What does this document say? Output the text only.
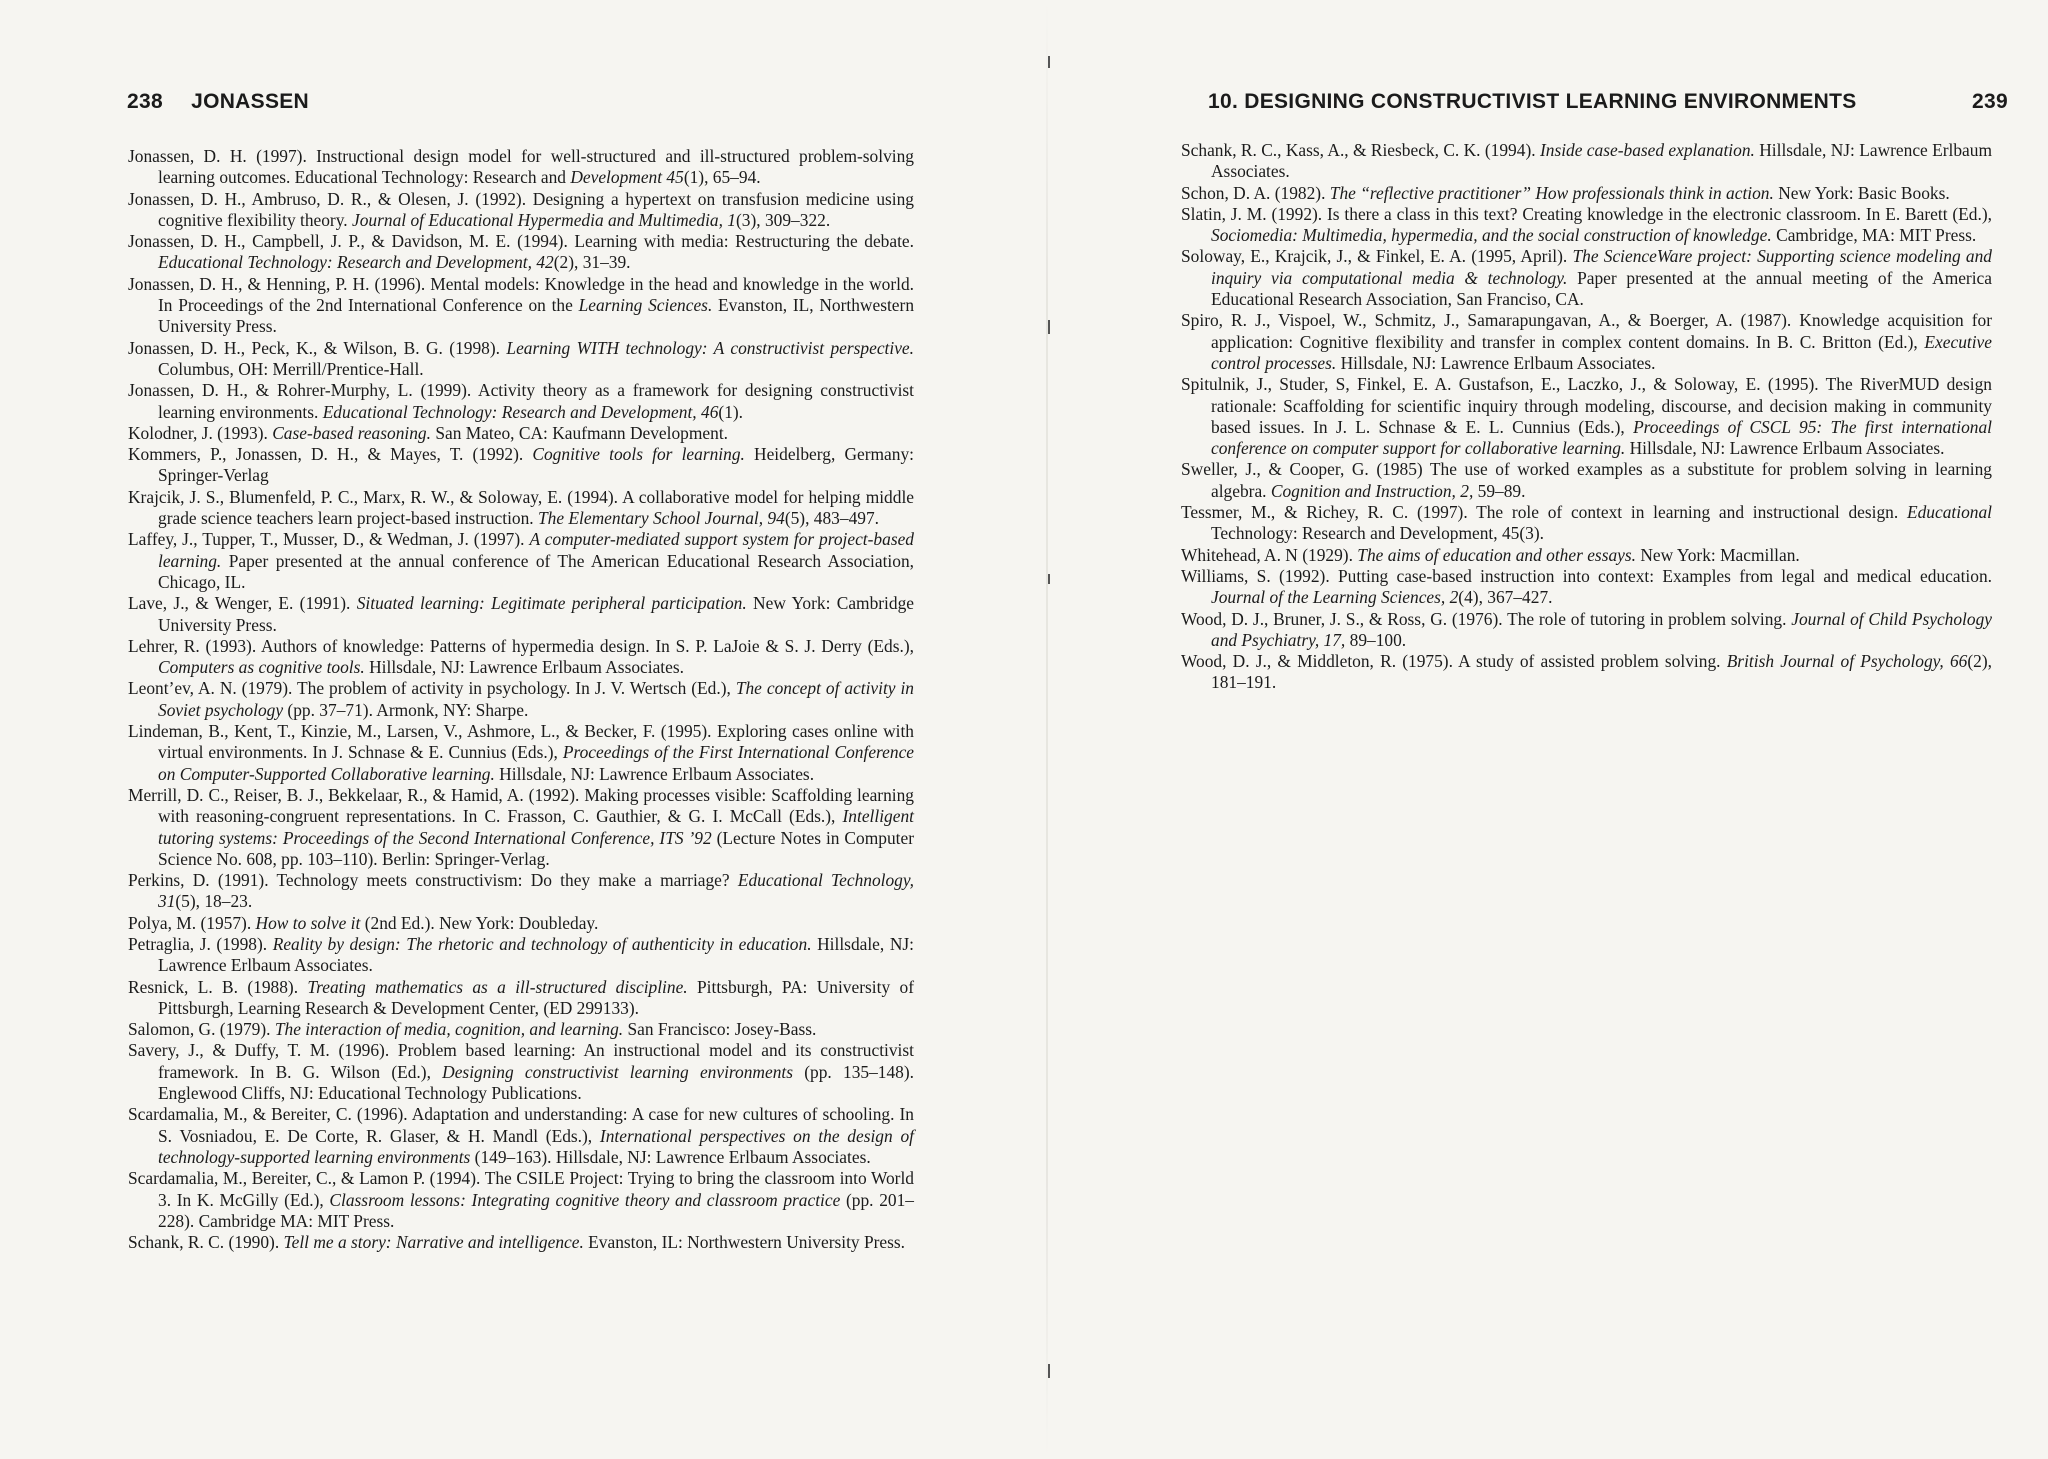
238 JONASSEN

Jonassen, D. H. (1997). Instructional design model for well-structured and ill-structured problem-solving learning outcomes. Educational Technology: Research and Development 45(1), 65–94.

Jonassen, D. H., Ambruso, D. R., & Olesen, J. (1992). Designing a hypertext on transfusion medicine using cognitive flexibility theory. Journal of Educational Hypermedia and Multimedia, 1(3), 309–322.

Jonassen, D. H., Campbell, J. P., & Davidson, M. E. (1994). Learning with media: Restructuring the debate. Educational Technology: Research and Development, 42(2), 31–39.

Jonassen, D. H., & Henning, P. H. (1996). Mental models: Knowledge in the head and knowledge in the world. In Proceedings of the 2nd International Conference on the Learning Sciences. Evanston, IL, Northwestern University Press.

Jonassen, D. H., Peck, K., & Wilson, B. G. (1998). Learning WITH technology: A constructivist perspective. Columbus, OH: Merrill/Prentice-Hall.

Jonassen, D. H., & Rohrer-Murphy, L. (1999). Activity theory as a framework for designing constructivist learning environments. Educational Technology: Research and Development, 46(1).

Kolodner, J. (1993). Case-based reasoning. San Mateo, CA: Kaufmann Development.

Kommers, P., Jonassen, D. H., & Mayes, T. (1992). Cognitive tools for learning. Heidelberg, Germany: Springer-Verlag

Krajcik, J. S., Blumenfeld, P. C., Marx, R. W., & Soloway, E. (1994). A collaborative model for helping middle grade science teachers learn project-based instruction. The Elementary School Journal, 94(5), 483–497.

Laffey, J., Tupper, T., Musser, D., & Wedman, J. (1997). A computer-mediated support system for project-based learning. Paper presented at the annual conference of The American Educational Research Association, Chicago, IL.

Lave, J., & Wenger, E. (1991). Situated learning: Legitimate peripheral participation. New York: Cambridge University Press.

Lehrer, R. (1993). Authors of knowledge: Patterns of hypermedia design. In S. P. LaJoie & S. J. Derry (Eds.), Computers as cognitive tools. Hillsdale, NJ: Lawrence Erlbaum Associates.

Leont’ev, A. N. (1979). The problem of activity in psychology. In J. V. Wertsch (Ed.), The concept of activity in Soviet psychology (pp. 37–71). Armonk, NY: Sharpe.

Lindeman, B., Kent, T., Kinzie, M., Larsen, V., Ashmore, L., & Becker, F. (1995). Exploring cases online with virtual environments. In J. Schnase & E. Cunnius (Eds.), Proceedings of the First International Conference on Computer-Supported Collaborative learning. Hillsdale, NJ: Lawrence Erlbaum Associates.

Merrill, D. C., Reiser, B. J., Bekkelaar, R., & Hamid, A. (1992). Making processes visible: Scaffolding learning with reasoning-congruent representations. In C. Frasson, C. Gauthier, & G. I. McCall (Eds.), Intelligent tutoring systems: Proceedings of the Second International Conference, ITS ’92 (Lecture Notes in Computer Science No. 608, pp. 103–110). Berlin: Springer-Verlag.

Perkins, D. (1991). Technology meets constructivism: Do they make a marriage? Educational Technology, 31(5), 18–23.

Polya, M. (1957). How to solve it (2nd Ed.). New York: Doubleday.

Petraglia, J. (1998). Reality by design: The rhetoric and technology of authenticity in education. Hillsdale, NJ: Lawrence Erlbaum Associates.

Resnick, L. B. (1988). Treating mathematics as a ill-structured discipline. Pittsburgh, PA: University of Pittsburgh, Learning Research & Development Center, (ED 299133).

Salomon, G. (1979). The interaction of media, cognition, and learning. San Francisco: Josey-Bass.

Savery, J., & Duffy, T. M. (1996). Problem based learning: An instructional model and its constructivist framework. In B. G. Wilson (Ed.), Designing constructivist learning environments (pp. 135–148). Englewood Cliffs, NJ: Educational Technology Publications.

Scardamalia, M., & Bereiter, C. (1996). Adaptation and understanding: A case for new cultures of schooling. In S. Vosniadou, E. De Corte, R. Glaser, & H. Mandl (Eds.), International perspectives on the design of technology-supported learning environments (149–163). Hillsdale, NJ: Lawrence Erlbaum Associates.

Scardamalia, M., Bereiter, C., & Lamon P. (1994). The CSILE Project: Trying to bring the classroom into World 3. In K. McGilly (Ed.), Classroom lessons: Integrating cognitive theory and classroom practice (pp. 201–228). Cambridge MA: MIT Press.

Schank, R. C. (1990). Tell me a story: Narrative and intelligence. Evanston, IL: Northwestern University Press.

10. DESIGNING CONSTRUCTIVIST LEARNING ENVIRONMENTS	239

Schank, R. C., Kass, A., & Riesbeck, C. K. (1994). Inside case-based explanation. Hillsdale, NJ: Lawrence Erlbaum Associates.

Schon, D. A. (1982). The “reflective practitioner” How professionals think in action. New York: Basic Books.

Slatin, J. M. (1992). Is there a class in this text? Creating knowledge in the electronic classroom. In E. Barett (Ed.), Sociomedia: Multimedia, hypermedia, and the social construction of knowledge. Cambridge, MA: MIT Press.

Soloway, E., Krajcik, J., & Finkel, E. A. (1995, April). The ScienceWare project: Supporting science modeling and inquiry via computational media & technology. Paper presented at the annual meeting of the America Educational Research Association, San Franciso, CA.

Spiro, R. J., Vispoel, W., Schmitz, J., Samarapungavan, A., & Boerger, A. (1987). Knowledge acquisition for application: Cognitive flexibility and transfer in complex content domains. In B. C. Britton (Ed.), Executive control processes. Hillsdale, NJ: Lawrence Erlbaum Associates.

Spitulnik, J., Studer, S, Finkel, E. A. Gustafson, E., Laczko, J., & Soloway, E. (1995). The RiverMUD design rationale: Scaffolding for scientific inquiry through modeling, discourse, and decision making in community based issues. In J. L. Schnase & E. L. Cunnius (Eds.), Proceedings of CSCL 95: The first international conference on computer support for collaborative learning. Hillsdale, NJ: Lawrence Erlbaum Associates.

Sweller, J., & Cooper, G. (1985) The use of worked examples as a substitute for problem solving in learning algebra. Cognition and Instruction, 2, 59–89.

Tessmer, M., & Richey, R. C. (1997). The role of context in learning and instructional design. Educational Technology: Research and Development, 45(3).

Whitehead, A. N (1929). The aims of education and other essays. New York: Macmillan.

Williams, S. (1992). Putting case-based instruction into context: Examples from legal and medical education. Journal of the Learning Sciences, 2(4), 367–427.

Wood, D. J., Bruner, J. S., & Ross, G. (1976). The role of tutoring in problem solving. Journal of Child Psychology and Psychiatry, 17, 89–100.

Wood, D. J., & Middleton, R. (1975). A study of assisted problem solving. British Journal of Psychology, 66(2), 181–191.
